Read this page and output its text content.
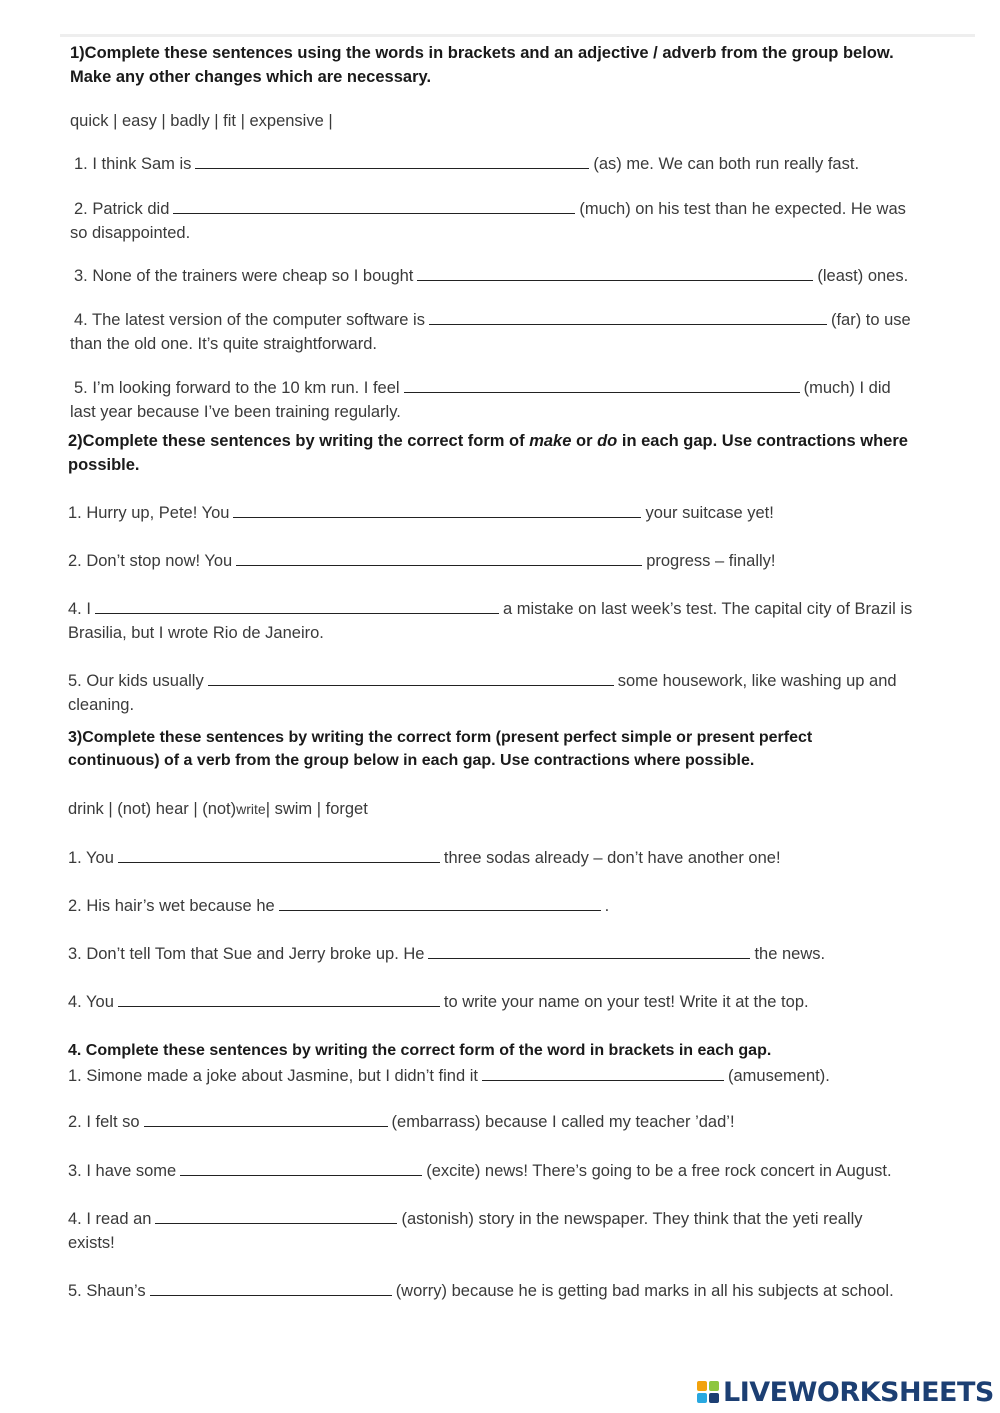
1)Complete these sentences using the words in brackets and an adjective / adverb from the group below.
Make any other changes which are necessary.
quick | easy | badly | fit | expensive |
1. I think Sam is	(as) me. We can both run really fast.
2. Patrick did	(much) on his test than he expected. He was
so disappointed.
3. None of the trainers were cheap so I bought	(least) ones.
4. The latest version of the computer software is	(far) to use
than the old one. It’s quite straightforward.
5. I’m looking forward to the 10 km run. I feel	(much) I did
last year because I’ve been training regularly.
2)Complete these sentences by writing the correct form of make or do in each gap. Use contractions where
possible.
1. Hurry up, Pete! You	your suitcase yet!
2. Don’t stop now! You	progress – finally!
4. I	a mistake on last week’s test. The capital city of Brazil is
Brasilia, but I wrote Rio de Janeiro.
5. Our kids usually	some housework, like washing up and
cleaning.
3)Complete these sentences by writing the correct form (present perfect simple or present perfect
continuous) of a verb from the group below in each gap. Use contractions where possible.
drink | (not) hear | (not)write| swim | forget
1. You	three sodas already – don’t have another one!
2. His hair’s wet because he	.
3. Don’t tell Tom that Sue and Jerry broke up. He	the news.
4. You	to write your name on your test! Write it at the top.
4. Complete these sentences by writing the correct form of the word in brackets in each gap.
1. Simone made a joke about Jasmine, but I didn’t find it	(amusement).
2. I felt so	(embarrass) because I called my teacher ’dad’!
3. I have some	(excite) news! There’s going to be a free rock concert in August.
4. I read an	(astonish) story in the newspaper. They think that the yeti really
exists!
5. Shaun’s	(worry) because he is getting bad marks in all his subjects at school.
LIVEWORKSHEETS
